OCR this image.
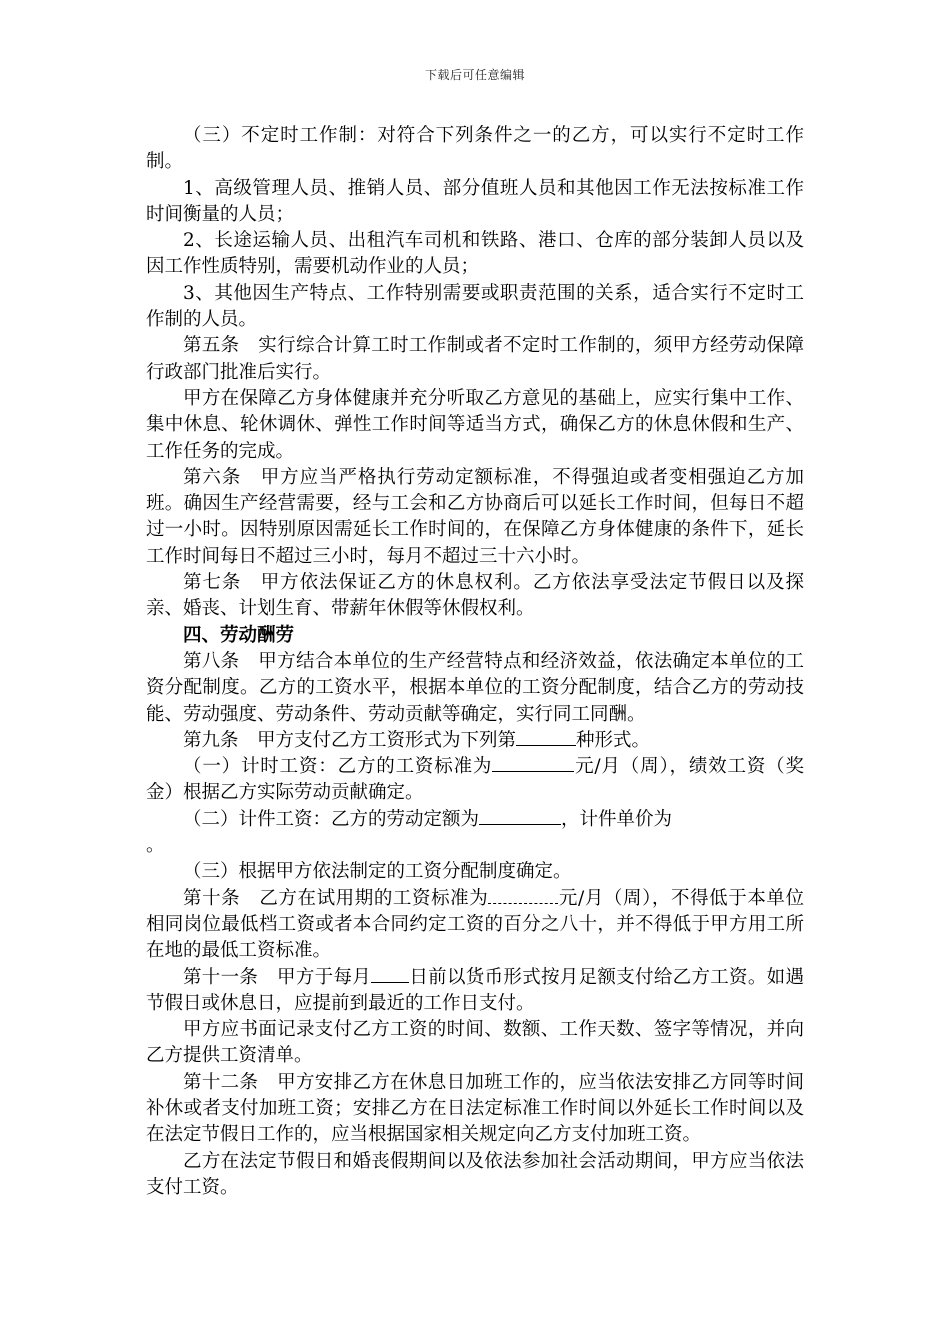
下载后可任意编辑

（三）不定时工作制：对符合下列条件之一的乙方，可以实行不定时工作制。

1、高级管理人员、推销人员、部分值班人员和其他因工作无法按标准工作时间衡量的人员；

2、长途运输人员、出租汽车司机和铁路、港口、仓库的部分装卸人员以及因工作性质特别，需要机动作业的人员；

3、其他因生产特点、工作特别需要或职责范围的关系，适合实行不定时工作制的人员。

第五条　实行综合计算工时工作制或者不定时工作制的，须甲方经劳动保障行政部门批准后实行。

甲方在保障乙方身体健康并充分听取乙方意见的基础上，应实行集中工作、集中休息、轮休调休、弹性工作时间等适当方式，确保乙方的休息休假和生产、工作任务的完成。

第六条　甲方应当严格执行劳动定额标准，不得强迫或者变相强迫乙方加班。确因生产经营需要，经与工会和乙方协商后可以延长工作时间，但每日不超过一小时。因特别原因需延长工作时间的，在保障乙方身体健康的条件下，延长工作时间每日不超过三小时，每月不超过三十六小时。

第七条　甲方依法保证乙方的休息权利。乙方依法享受法定节假日以及探亲、婚丧、计划生育、带薪年休假等休假权利。

四、劳动酬劳

第八条　甲方结合本单位的生产经营特点和经济效益，依法确定本单位的工资分配制度。乙方的工资水平，根据本单位的工资分配制度，结合乙方的劳动技能、劳动强度、劳动条件、劳动贡献等确定，实行同工同酬。

第九条　甲方支付乙方工资形式为下列第	种形式。

（一）计时工资：乙方的工资标准为	元/月（周），绩效工资（奖金）根据乙方实际劳动贡献确定。

（二）计件工资：乙方的劳动定额为	，计件单价为
。

（三）根据甲方依法制定的工资分配制度确定。

第十条　乙方在试用期的工资标准为	元/月（周），不得低于本单位相同岗位最低档工资或者本合同约定工资的百分之八十，并不得低于甲方用工所在地的最低工资标准。

第十一条　甲方于每月 日前以货币形式按月足额支付给乙方工资。如遇节假日或休息日，应提前到最近的工作日支付。

甲方应书面记录支付乙方工资的时间、数额、工作天数、签字等情况，并向乙方提供工资清单。

第十二条　甲方安排乙方在休息日加班工作的，应当依法安排乙方同等时间补休或者支付加班工资；安排乙方在日法定标准工作时间以外延长工作时间以及在法定节假日工作的，应当根据国家相关规定向乙方支付加班工资。

乙方在法定节假日和婚丧假期间以及依法参加社会活动期间，甲方应当依法支付工资。
